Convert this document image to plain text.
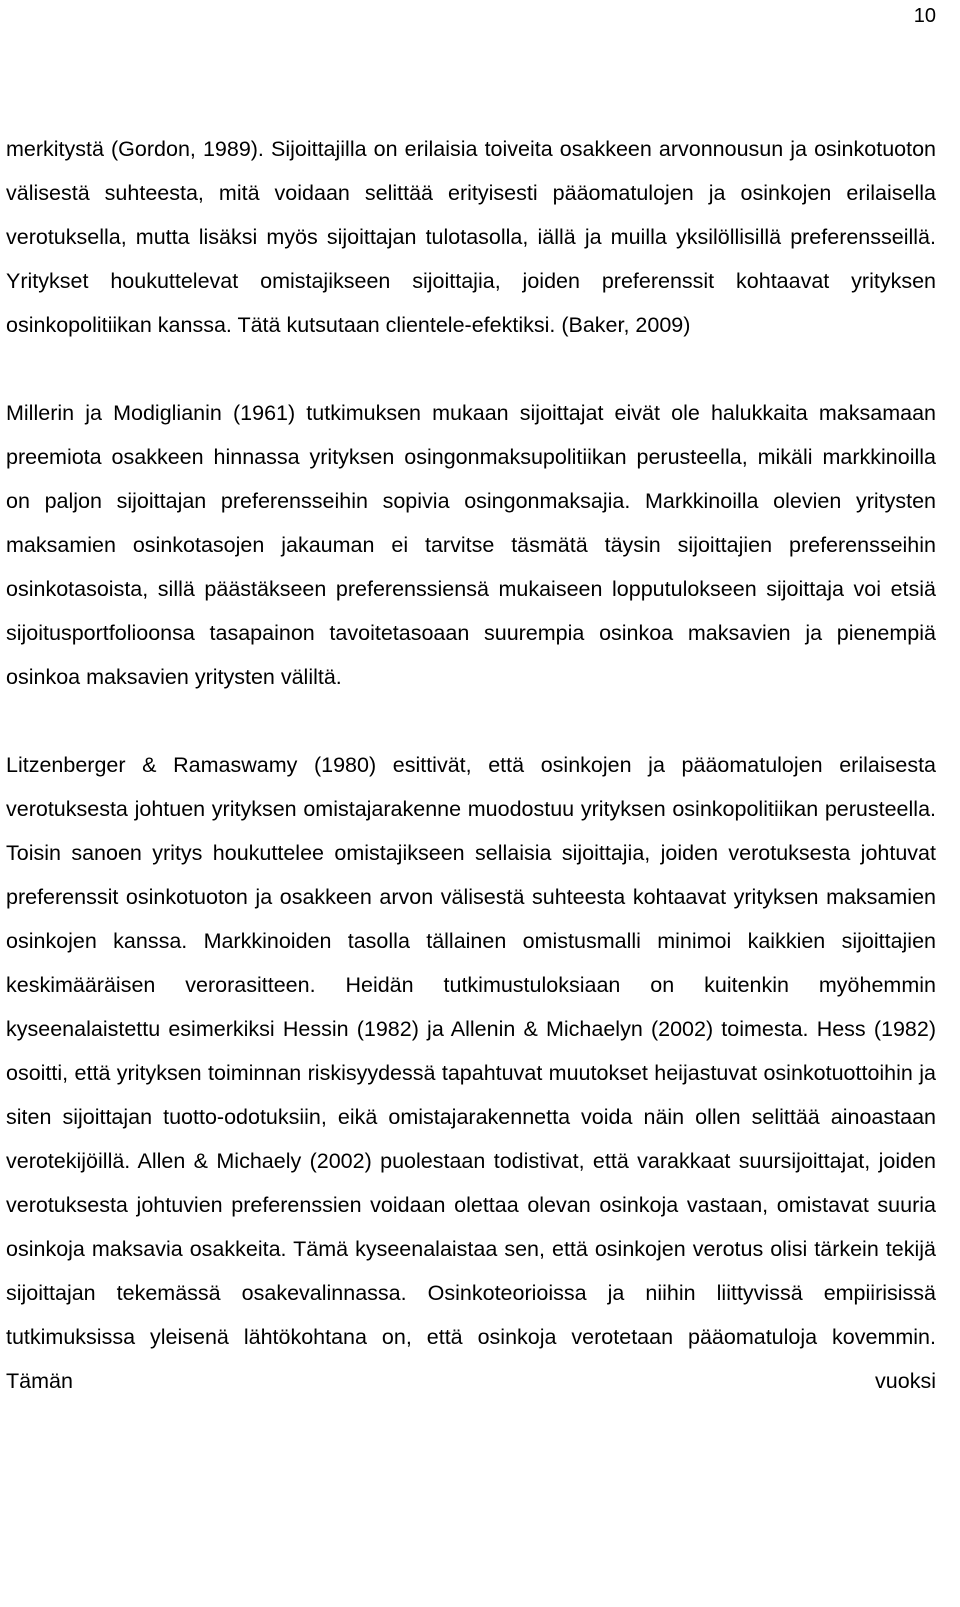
10

merkitystä (Gordon, 1989). Sijoittajilla on erilaisia toiveita osakkeen arvonnousun ja osinkotuoton välisestä suhteesta, mitä voidaan selittää erityisesti pääomatulojen ja osinkojen erilaisella verotuksella, mutta lisäksi myös sijoittajan tulotasolla, iällä ja muilla yksilöllisillä preferensseillä. Yritykset houkuttelevat omistajikseen sijoittajia, joiden preferenssit kohtaavat yrityksen osinkopolitiikan kanssa. Tätä kutsutaan clientele-efektiksi. (Baker, 2009)

Millerin ja Modiglianin (1961) tutkimuksen mukaan sijoittajat eivät ole halukkaita maksamaan preemiota osakkeen hinnassa yrityksen osingonmaksupolitiikan perusteella, mikäli markkinoilla on paljon sijoittajan preferensseihin sopivia osingonmaksajia. Markkinoilla olevien yritysten maksamien osinkotasojen jakauman ei tarvitse täsmätä täysin sijoittajien preferensseihin osinkotasoista, sillä päästäkseen preferenssiensä mukaiseen lopputulokseen sijoittaja voi etsiä sijoitusportfolioonsa tasapainon tavoitetasoaan suurempia osinkoa maksavien ja pienempiä osinkoa maksavien yritysten väliltä.

Litzenberger & Ramaswamy (1980) esittivät, että osinkojen ja pääomatulojen erilaisesta verotuksesta johtuen yrityksen omistajarakenne muodostuu yrityksen osinkopolitiikan perusteella. Toisin sanoen yritys houkuttelee omistajikseen sellaisia sijoittajia, joiden verotuksesta johtuvat preferenssit osinkotuoton ja osakkeen arvon välisestä suhteesta kohtaavat yrityksen maksamien osinkojen kanssa. Markkinoiden tasolla tällainen omistusmalli minimoi kaikkien sijoittajien keskimääräisen verorasitteen. Heidän tutkimustuloksiaan on kuitenkin myöhemmin kyseenalaistettu esimerkiksi Hessin (1982) ja Allenin & Michaelyn (2002) toimesta. Hess (1982) osoitti, että yrityksen toiminnan riskisyydessä tapahtuvat muutokset heijastuvat osinkotuottoihin ja siten sijoittajan tuotto-odotuksiin, eikä omistajarakennetta voida näin ollen selittää ainoastaan verotekijöillä. Allen & Michaely (2002) puolestaan todistivat, että varakkaat suursijoittajat, joiden verotuksesta johtuvien preferenssien voidaan olettaa olevan osinkoja vastaan, omistavat suuria osinkoja maksavia osakkeita. Tämä kyseenalaistaa sen, että osinkojen verotus olisi tärkein tekijä sijoittajan tekemässä osakevalinnassa. Osinkoteorioissa ja niihin liittyvissä empiirisissä tutkimuksissa yleisenä lähtökohtana on, että osinkoja verotetaan pääomatuloja kovemmin. Tämän vuoksi
